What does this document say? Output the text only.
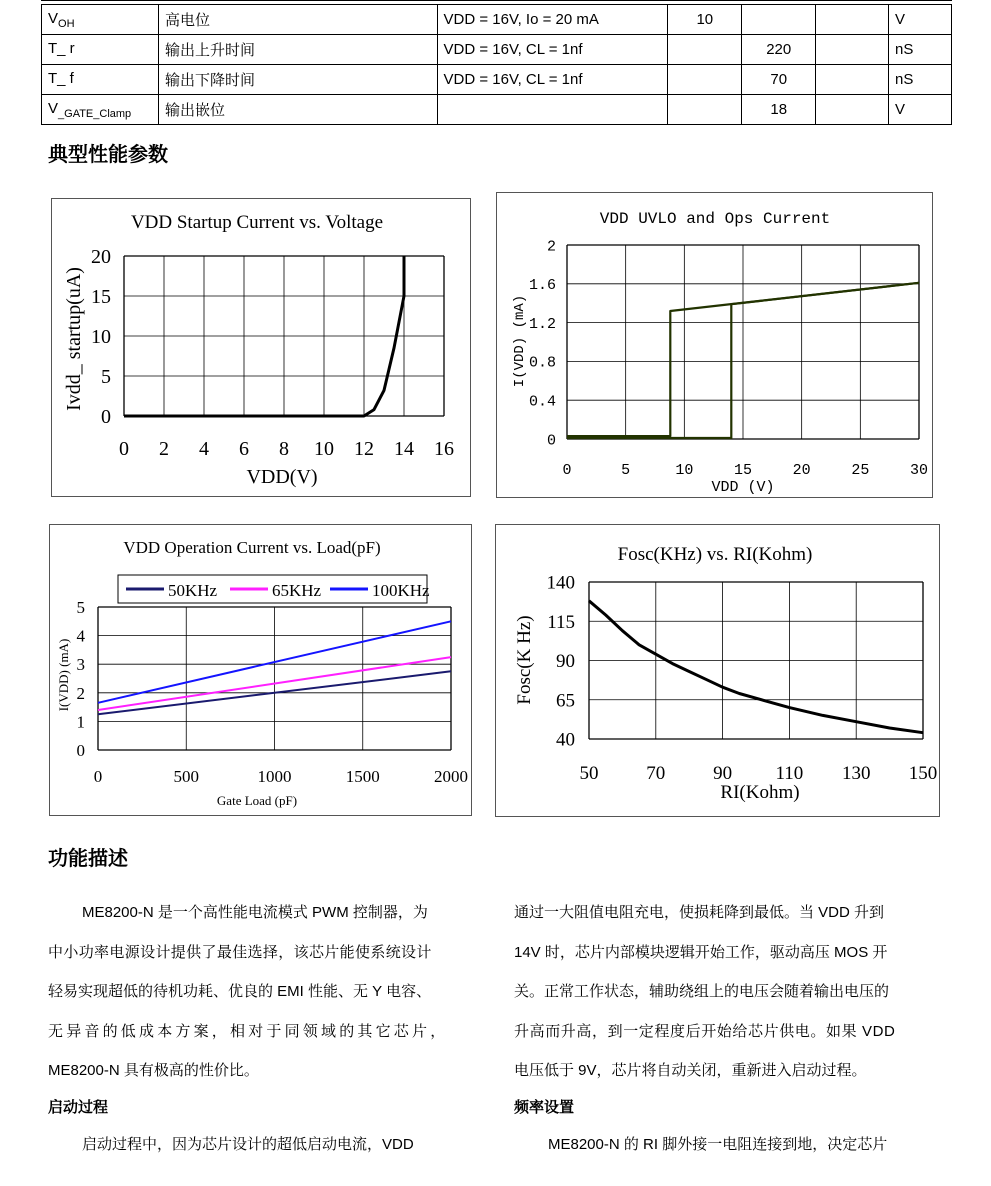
$V_{OH}$	高电位	VDD = 16V, Io = 20 mA	10			V
T_ r	输出上升时间	VDD = 16V, CL = 1nf		220		nS
T_ f	输出下降时间	VDD = 16V, CL = 1nf		70		nS
$V_{\_GATE\_Clamp}$	输出嵌位			18		V
典型性能参数
VDD Startup Current vs. Voltage
0 2 4 6 8 10 12 14 16
0
5
10
15
20
VDD(V)
Ivdd_ startup(uA)
VDD UVLO and Ops Current
0	5	10	15	20	25	30
0
0.4
0.8
1.2
1.6
2
VDD (V)
I(VDD) (mA)
VDD Operation Current vs. Load(pF)
0	500	1000	1500	2000
0
1
2
3
4
5
Gate Load (pF)
I(VDD) (mA)
50KHz	65KHz	100KHz
Fosc(KHz) vs. RI(Kohm)
50	70	90 110 130 150
40
65
90
115
140
RI(Kohm)
Fosc(K Hz)
功能描述
ME8200-N 是一个高性能电流模式 PWM 控制器，为
中小功率电源设计提供了最佳选择，该芯片能使系统设计
轻易实现超低的待机功耗、优良的 EMI 性能、无 Y 电容、
无异音的低成本方案，相对于同领域的其它芯片，
ME8200-N 具有极高的性价比。
启动过程
启动过程中，因为芯片设计的超低启动电流，VDD
通过一大阻值电阻充电，使损耗降到最低。当 VDD 升到
14V 时，芯片内部模块逻辑开始工作，驱动高压 MOS 开
关。正常工作状态，辅助绕组上的电压会随着输出电压的
升高而升高，到一定程度后开始给芯片供电。如果 VDD
电压低于 9V，芯片将自动关闭，重新进入启动过程。
频率设置
ME8200-N 的 RI 脚外接一电阻连接到地，决定芯片
